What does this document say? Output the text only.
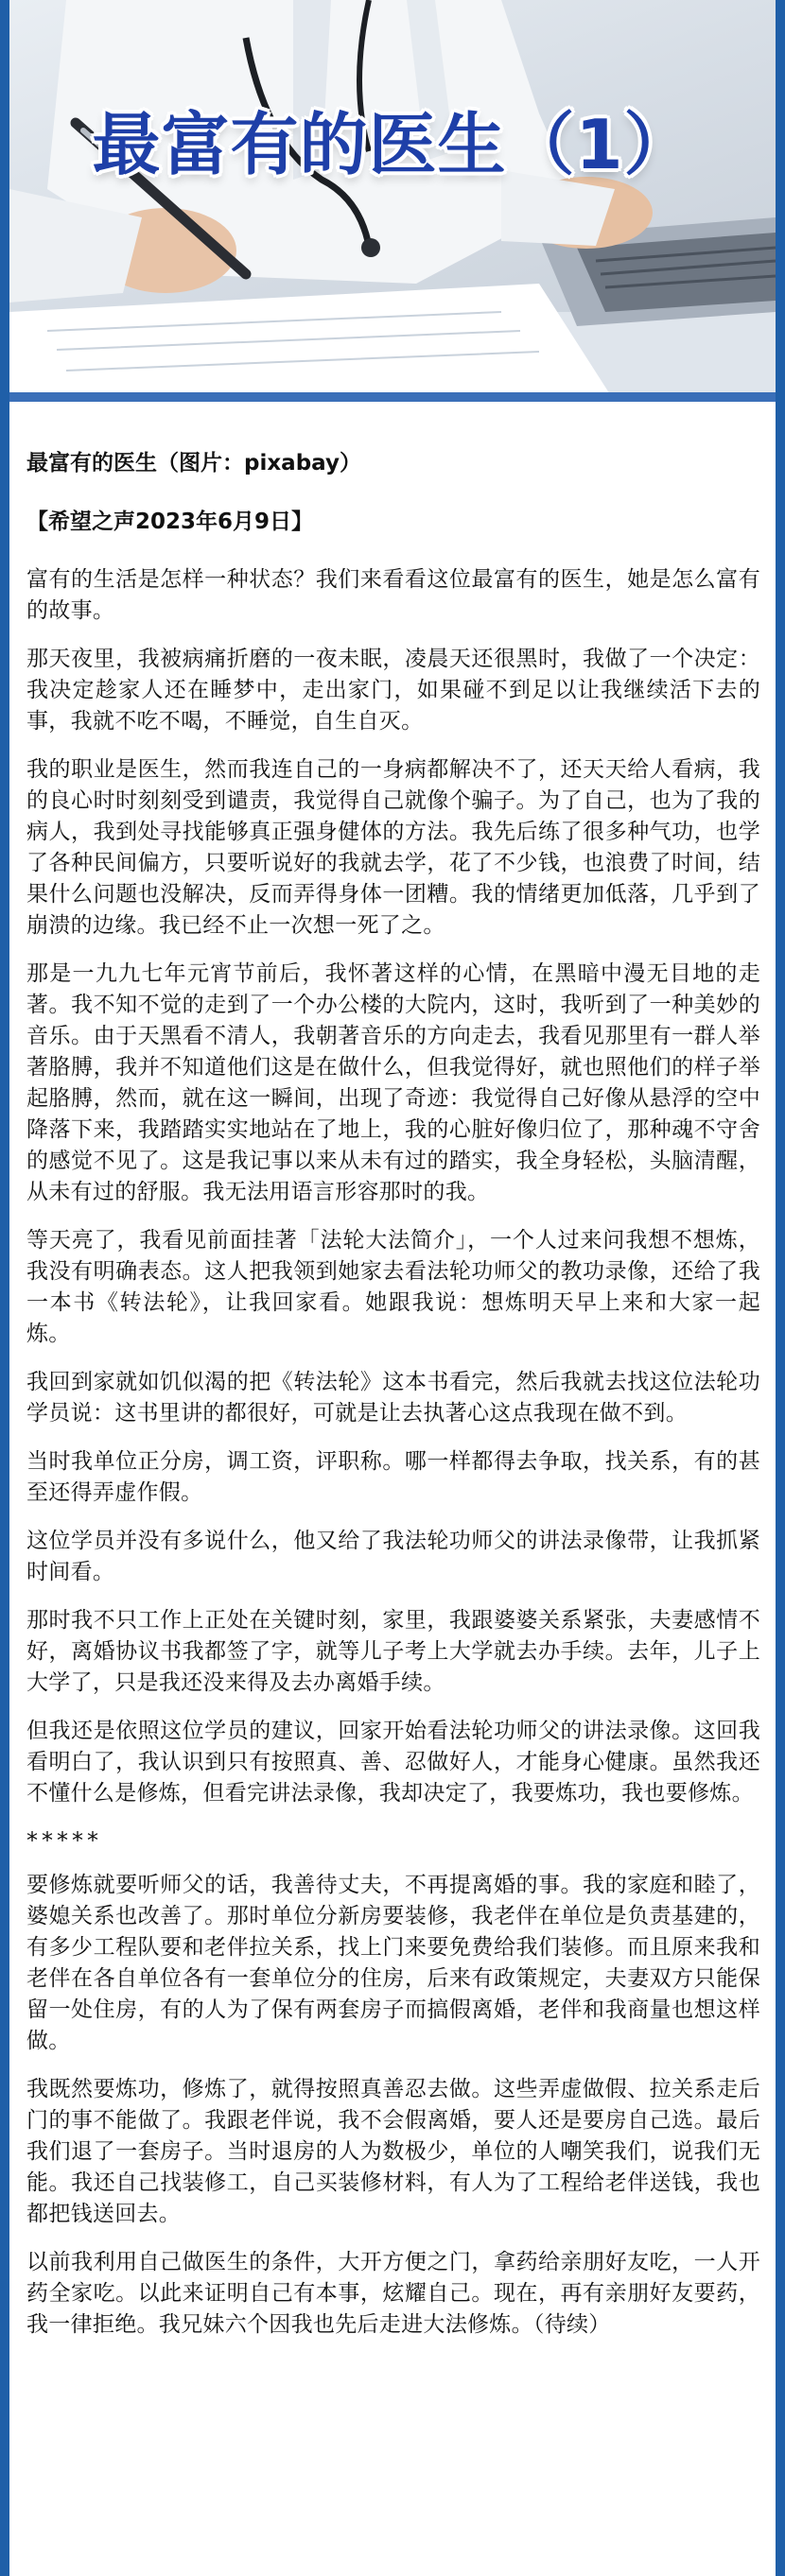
最富有的医生（1）

最富有的医生（图片：pixabay）

【希望之声2023年6月9日】

富有的生活是怎样一种状态？我们来看看这位最富有的医生，她是怎么富有的故事。

那天夜里，我被病痛折磨的一夜未眠，凌晨天还很黑时，我做了一个决定：我决定趁家人还在睡梦中，走出家门，如果碰不到足以让我继续活下去的事，我就不吃不喝，不睡觉，自生自灭。

我的职业是医生，然而我连自己的一身病都解决不了，还天天给人看病，我的良心时时刻刻受到谴责，我觉得自己就像个骗子。为了自己，也为了我的病人，我到处寻找能够真正强身健体的方法。我先后练了很多种气功，也学了各种民间偏方，只要听说好的我就去学，花了不少钱，也浪费了时间，结果什么问题也没解决，反而弄得身体一团糟。我的情绪更加低落，几乎到了崩溃的边缘。我已经不止一次想一死了之。

那是一九九七年元宵节前后，我怀著这样的心情，在黑暗中漫无目地的走著。我不知不觉的走到了一个办公楼的大院内，这时，我听到了一种美妙的音乐。由于天黑看不清人，我朝著音乐的方向走去，我看见那里有一群人举著胳膊，我并不知道他们这是在做什么，但我觉得好，就也照他们的样子举起胳膊，然而，就在这一瞬间，出现了奇迹：我觉得自己好像从悬浮的空中降落下来，我踏踏实实地站在了地上，我的心脏好像归位了，那种魂不守舍的感觉不见了。这是我记事以来从未有过的踏实，我全身轻松，头脑清醒，从未有过的舒服。我无法用语言形容那时的我。

等天亮了，我看见前面挂著「法轮大法简介」，一个人过来问我想不想炼，我没有明确表态。这人把我领到她家去看法轮功师父的教功录像，还给了我一本书《转法轮》，让我回家看。她跟我说：想炼明天早上来和大家一起炼。

我回到家就如饥似渴的把《转法轮》这本书看完，然后我就去找这位法轮功学员说：这书里讲的都很好，可就是让去执著心这点我现在做不到。

当时我单位正分房，调工资，评职称。哪一样都得去争取，找关系，有的甚至还得弄虚作假。

这位学员并没有多说什么，他又给了我法轮功师父的讲法录像带，让我抓紧时间看。

那时我不只工作上正处在关键时刻，家里，我跟婆婆关系紧张，夫妻感情不好，离婚协议书我都签了字，就等儿子考上大学就去办手续。去年，儿子上大学了，只是我还没来得及去办离婚手续。

但我还是依照这位学员的建议，回家开始看法轮功师父的讲法录像。这回我看明白了，我认识到只有按照真、善、忍做好人，才能身心健康。虽然我还不懂什么是修炼，但看完讲法录像，我却决定了，我要炼功，我也要修炼。

*****

要修炼就要听师父的话，我善待丈夫，不再提离婚的事。我的家庭和睦了，婆媳关系也改善了。那时单位分新房要装修，我老伴在单位是负责基建的，有多少工程队要和老伴拉关系，找上门来要免费给我们装修。而且原来我和老伴在各自单位各有一套单位分的住房，后来有政策规定，夫妻双方只能保留一处住房，有的人为了保有两套房子而搞假离婚，老伴和我商量也想这样做。

我既然要炼功，修炼了，就得按照真善忍去做。这些弄虚做假、拉关系走后门的事不能做了。我跟老伴说，我不会假离婚，要人还是要房自己选。最后我们退了一套房子。当时退房的人为数极少，单位的人嘲笑我们，说我们无能。我还自己找装修工，自己买装修材料，有人为了工程给老伴送钱，我也都把钱送回去。

以前我利用自己做医生的条件，大开方便之门，拿药给亲朋好友吃，一人开药全家吃。以此来证明自己有本事，炫耀自己。现在，再有亲朋好友要药，我一律拒绝。我兄妹六个因我也先后走进大法修炼。（待续）
